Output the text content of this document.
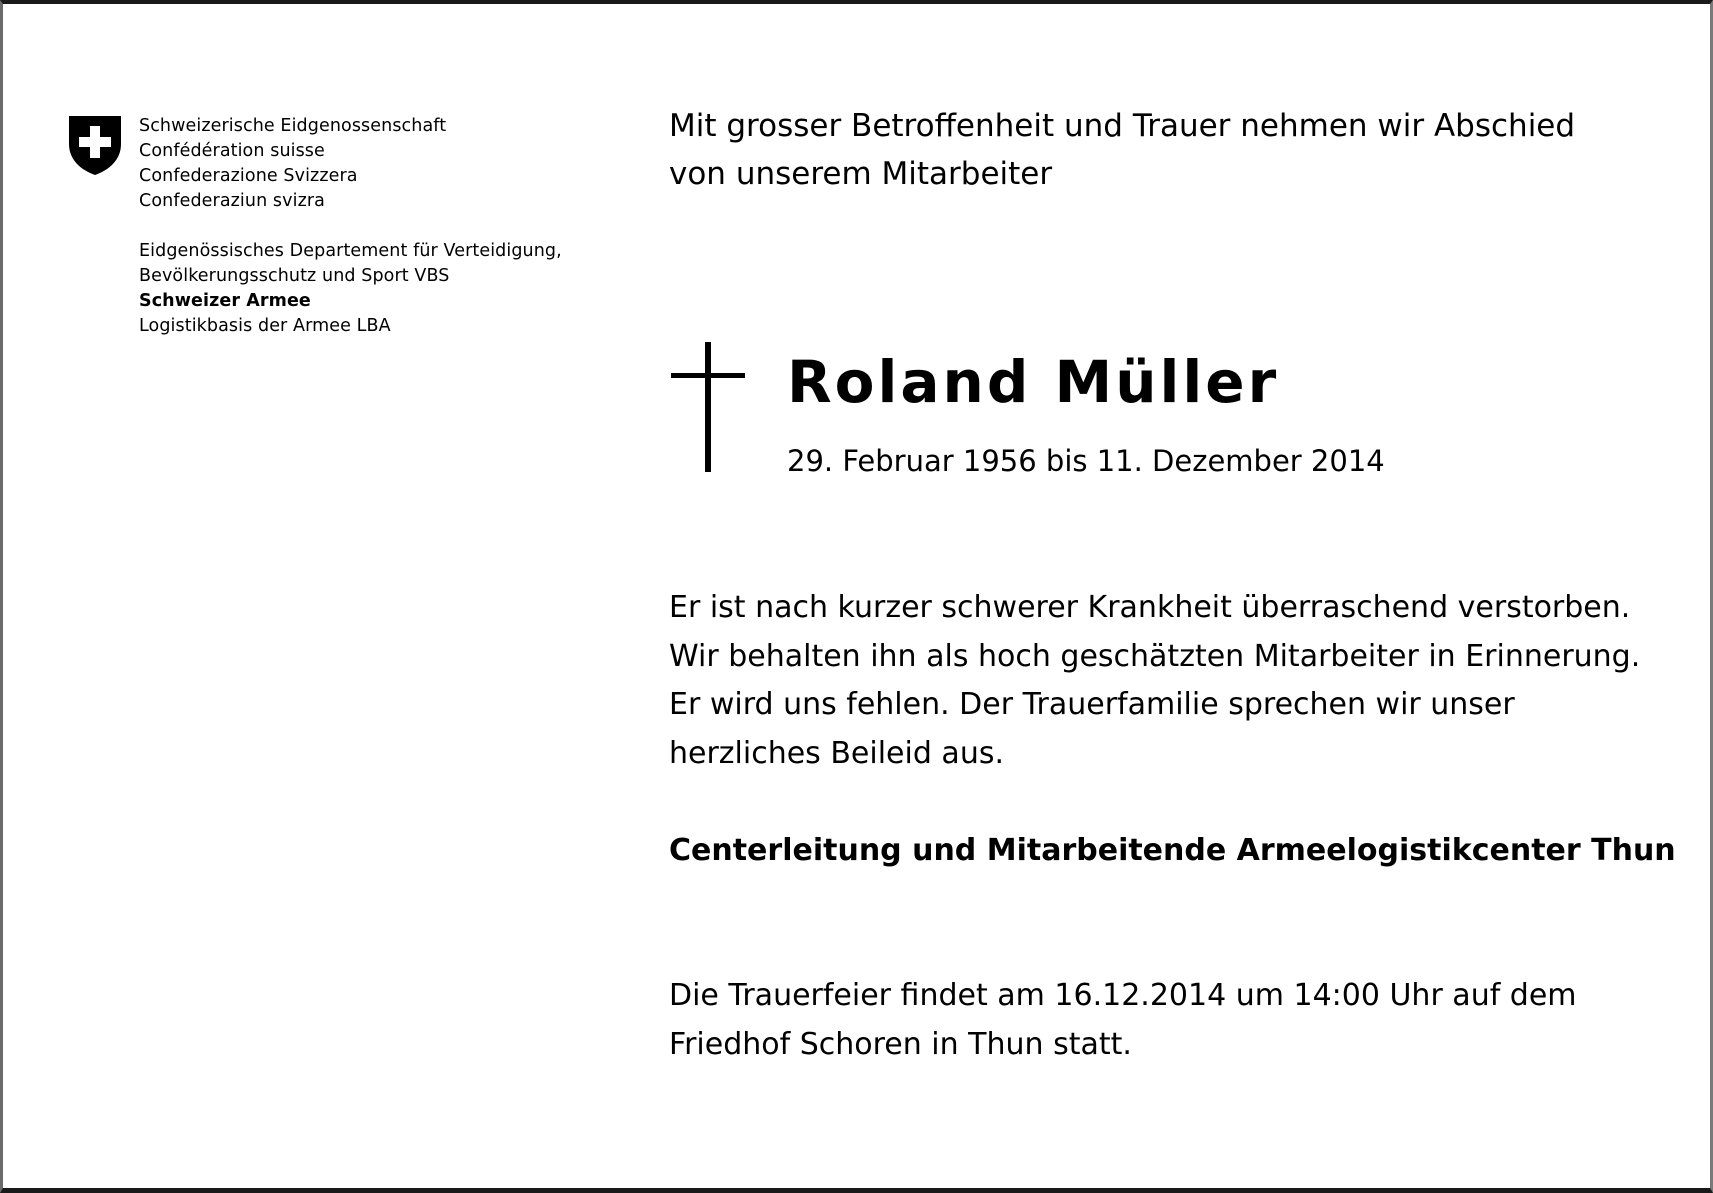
Schweizerische Eidgenossenschaft
Confédération suisse
Confederazione Svizzera
Confederaziun svizra
Eidgenössisches Departement für Verteidigung,
Bevölkerungsschutz und Sport VBS
Schweizer Armee
Logistikbasis der Armee LBA
Mit grosser Betroffenheit und Trauer nehmen wir Abschied
von unserem Mitarbeiter
Roland Müller
29. Februar 1956 bis 11. Dezember 2014
Er ist nach kurzer schwerer Krankheit überraschend verstorben.
Wir behalten ihn als hoch geschätzten Mitarbeiter in Erinnerung.
Er wird uns fehlen. Der Trauerfamilie sprechen wir unser
herzliches Beileid aus.
Centerleitung und Mitarbeitende Armeelogistikcenter Thun
Die Trauerfeier findet am 16.12.2014 um 14:00 Uhr auf dem
Friedhof Schoren in Thun statt.
